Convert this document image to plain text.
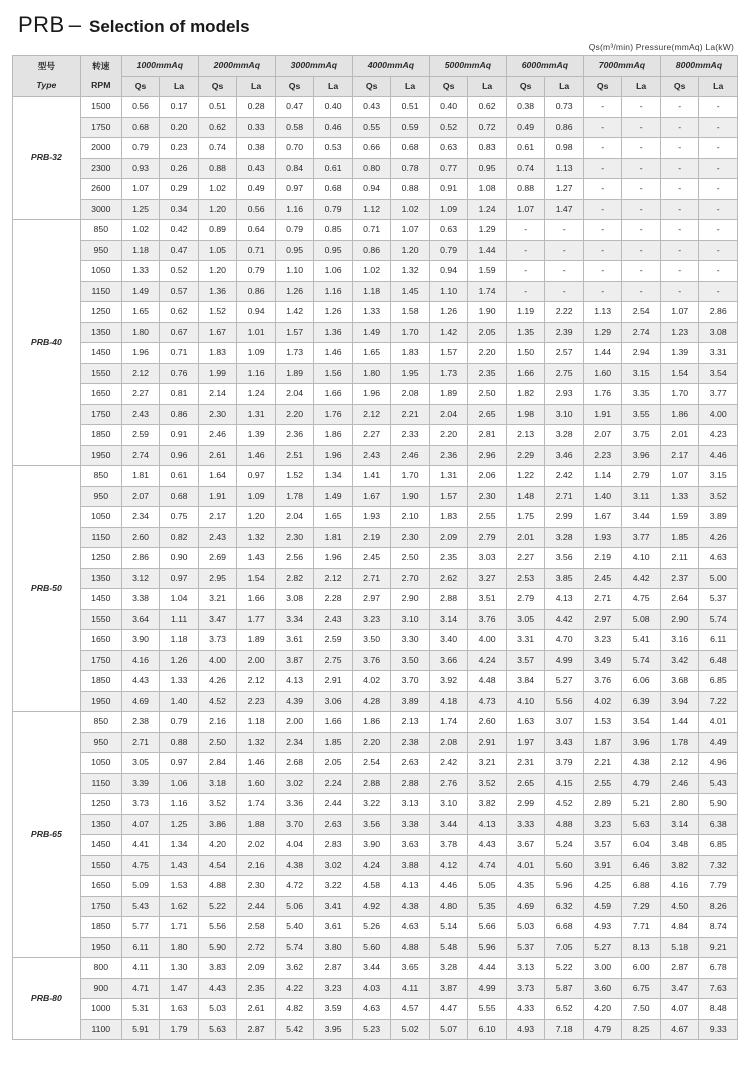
PRB – Selection of models
Qs(m³/min) Pressure(mmAq) La(kW)
型号
Type	转速
RPM	1000mmAq		2000mmAq		3000mmAq		4000mmAq		5000mmAq		6000mmAq		7000mmAq		8000mmAq	
		Qs	La	Qs	La	Qs	La	Qs	La	Qs	La	Qs	La	Qs	La	Qs	La
PRB-32	1500	0.56	0.17	0.51	0.28	0.47	0.40	0.43	0.51	0.40	0.62	0.38	0.73	-	-	-	-
	1750	0.68	0.20	0.62	0.33	0.58	0.46	0.55	0.59	0.52	0.72	0.49	0.86	-	-	-	-
	2000	0.79	0.23	0.74	0.38	0.70	0.53	0.66	0.68	0.63	0.83	0.61	0.98	-	-	-	-
	2300	0.93	0.26	0.88	0.43	0.84	0.61	0.80	0.78	0.77	0.95	0.74	1.13	-	-	-	-
	2600	1.07	0.29	1.02	0.49	0.97	0.68	0.94	0.88	0.91	1.08	0.88	1.27	-	-	-	-
	3000	1.25	0.34	1.20	0.56	1.16	0.79	1.12	1.02	1.09	1.24	1.07	1.47	-	-	-	-
PRB-40	850	1.02	0.42	0.89	0.64	0.79	0.85	0.71	1.07	0.63	1.29	-	-	-	-	-	-
	950	1.18	0.47	1.05	0.71	0.95	0.95	0.86	1.20	0.79	1.44	-	-	-	-	-	-
	1050	1.33	0.52	1.20	0.79	1.10	1.06	1.02	1.32	0.94	1.59	-	-	-	-	-	-
	1150	1.49	0.57	1.36	0.86	1.26	1.16	1.18	1.45	1.10	1.74	-	-	-	-	-	-
	1250	1.65	0.62	1.52	0.94	1.42	1.26	1.33	1.58	1.26	1.90	1.19	2.22	1.13	2.54	1.07	2.86
	1350	1.80	0.67	1.67	1.01	1.57	1.36	1.49	1.70	1.42	2.05	1.35	2.39	1.29	2.74	1.23	3.08
	1450	1.96	0.71	1.83	1.09	1.73	1.46	1.65	1.83	1.57	2.20	1.50	2.57	1.44	2.94	1.39	3.31
	1550	2.12	0.76	1.99	1.16	1.89	1.56	1.80	1.95	1.73	2.35	1.66	2.75	1.60	3.15	1.54	3.54
	1650	2.27	0.81	2.14	1.24	2.04	1.66	1.96	2.08	1.89	2.50	1.82	2.93	1.76	3.35	1.70	3.77
	1750	2.43	0.86	2.30	1.31	2.20	1.76	2.12	2.21	2.04	2.65	1.98	3.10	1.91	3.55	1.86	4.00
	1850	2.59	0.91	2.46	1.39	2.36	1.86	2.27	2.33	2.20	2.81	2.13	3.28	2.07	3.75	2.01	4.23
	1950	2.74	0.96	2.61	1.46	2.51	1.96	2.43	2.46	2.36	2.96	2.29	3.46	2.23	3.96	2.17	4.46
PRB-50	850	1.81	0.61	1.64	0.97	1.52	1.34	1.41	1.70	1.31	2.06	1.22	2.42	1.14	2.79	1.07	3.15
	950	2.07	0.68	1.91	1.09	1.78	1.49	1.67	1.90	1.57	2.30	1.48	2.71	1.40	3.11	1.33	3.52
	1050	2.34	0.75	2.17	1.20	2.04	1.65	1.93	2.10	1.83	2.55	1.75	2.99	1.67	3.44	1.59	3.89
	1150	2.60	0.82	2.43	1.32	2.30	1.81	2.19	2.30	2.09	2.79	2.01	3.28	1.93	3.77	1.85	4.26
	1250	2.86	0.90	2.69	1.43	2.56	1.96	2.45	2.50	2.35	3.03	2.27	3.56	2.19	4.10	2.11	4.63
	1350	3.12	0.97	2.95	1.54	2.82	2.12	2.71	2.70	2.62	3.27	2.53	3.85	2.45	4.42	2.37	5.00
	1450	3.38	1.04	3.21	1.66	3.08	2.28	2.97	2.90	2.88	3.51	2.79	4.13	2.71	4.75	2.64	5.37
	1550	3.64	1.11	3.47	1.77	3.34	2.43	3.23	3.10	3.14	3.76	3.05	4.42	2.97	5.08	2.90	5.74
	1650	3.90	1.18	3.73	1.89	3.61	2.59	3.50	3.30	3.40	4.00	3.31	4.70	3.23	5.41	3.16	6.11
	1750	4.16	1.26	4.00	2.00	3.87	2.75	3.76	3.50	3.66	4.24	3.57	4.99	3.49	5.74	3.42	6.48
	1850	4.43	1.33	4.26	2.12	4.13	2.91	4.02	3.70	3.92	4.48	3.84	5.27	3.76	6.06	3.68	6.85
	1950	4.69	1.40	4.52	2.23	4.39	3.06	4.28	3.89	4.18	4.73	4.10	5.56	4.02	6.39	3.94	7.22
PRB-65	850	2.38	0.79	2.16	1.18	2.00	1.66	1.86	2.13	1.74	2.60	1.63	3.07	1.53	3.54	1.44	4.01
	950	2.71	0.88	2.50	1.32	2.34	1.85	2.20	2.38	2.08	2.91	1.97	3.43	1.87	3.96	1.78	4.49
	1050	3.05	0.97	2.84	1.46	2.68	2.05	2.54	2.63	2.42	3.21	2.31	3.79	2.21	4.38	2.12	4.96
	1150	3.39	1.06	3.18	1.60	3.02	2.24	2.88	2.88	2.76	3.52	2.65	4.15	2.55	4.79	2.46	5.43
	1250	3.73	1.16	3.52	1.74	3.36	2.44	3.22	3.13	3.10	3.82	2.99	4.52	2.89	5.21	2.80	5.90
	1350	4.07	1.25	3.86	1.88	3.70	2.63	3.56	3.38	3.44	4.13	3.33	4.88	3.23	5.63	3.14	6.38
	1450	4.41	1.34	4.20	2.02	4.04	2.83	3.90	3.63	3.78	4.43	3.67	5.24	3.57	6.04	3.48	6.85
	1550	4.75	1.43	4.54	2.16	4.38	3.02	4.24	3.88	4.12	4.74	4.01	5.60	3.91	6.46	3.82	7.32
	1650	5.09	1.53	4.88	2.30	4.72	3.22	4.58	4.13	4.46	5.05	4.35	5.96	4.25	6.88	4.16	7.79
	1750	5.43	1.62	5.22	2.44	5.06	3.41	4.92	4.38	4.80	5.35	4.69	6.32	4.59	7.29	4.50	8.26
	1850	5.77	1.71	5.56	2.58	5.40	3.61	5.26	4.63	5.14	5.66	5.03	6.68	4.93	7.71	4.84	8.74
	1950	6.11	1.80	5.90	2.72	5.74	3.80	5.60	4.88	5.48	5.96	5.37	7.05	5.27	8.13	5.18	9.21
PRB-80	800	4.11	1.30	3.83	2.09	3.62	2.87	3.44	3.65	3.28	4.44	3.13	5.22	3.00	6.00	2.87	6.78
	900	4.71	1.47	4.43	2.35	4.22	3.23	4.03	4.11	3.87	4.99	3.73	5.87	3.60	6.75	3.47	7.63
	1000	5.31	1.63	5.03	2.61	4.82	3.59	4.63	4.57	4.47	5.55	4.33	6.52	4.20	7.50	4.07	8.48
	1100	5.91	1.79	5.63	2.87	5.42	3.95	5.23	5.02	5.07	6.10	4.93	7.18	4.79	8.25	4.67	9.33
